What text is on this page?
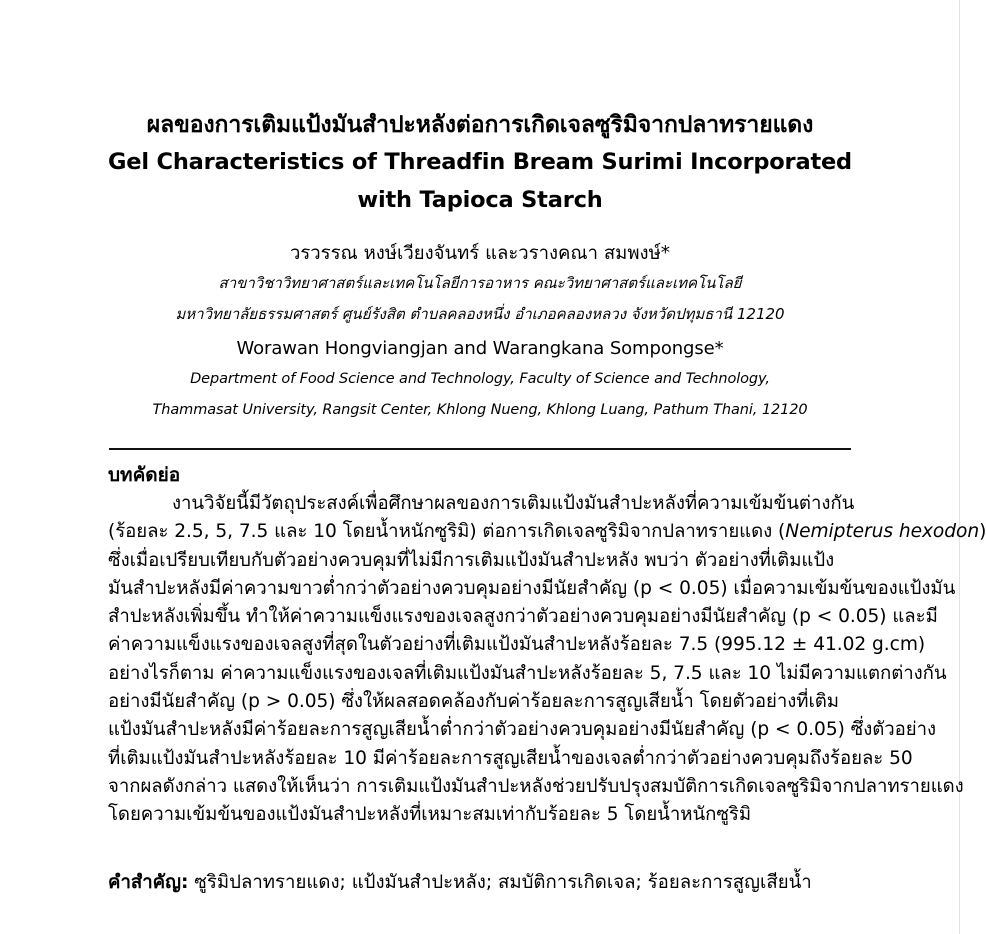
ผลของการเติมแป้งมันสำปะหลังต่อการเกิดเจลซูริมิจากปลาทรายแดง
Gel Characteristics of Threadfin Bream Surimi Incorporated
with Tapioca Starch
วรวรรณ หงษ์เวียงจันทร์ และวรางคณา สมพงษ์*
สาขาวิชาวิทยาศาสตร์และเทคโนโลยีการอาหาร คณะวิทยาศาสตร์และเทคโนโลยี
มหาวิทยาลัยธรรมศาสตร์ ศูนย์รังสิต ตำบลคลองหนึ่ง อำเภอคลองหลวง จังหวัดปทุมธานี 12120
Worawan Hongviangjan and Warangkana Sompongse*
Department of Food Science and Technology, Faculty of Science and Technology,
Thammasat University, Rangsit Center, Khlong Nueng, Khlong Luang, Pathum Thani, 12120
บทคัดย่อ
งานวิจัยนี้มีวัตถุประสงค์เพื่อศึกษาผลของการเติมแป้งมันสำปะหลังที่ความเข้มข้นต่างกัน
(ร้อยละ 2.5, 5, 7.5 และ 10 โดยน้ำหนักซูริมิ) ต่อการเกิดเจลซูริมิจากปลาทรายแดง (Nemipterus hexodon)
ซึ่งเมื่อเปรียบเทียบกับตัวอย่างควบคุมที่ไม่มีการเติมแป้งมันสำปะหลัง พบว่า ตัวอย่างที่เติมแป้ง
มันสำปะหลังมีค่าความขาวต่ำกว่าตัวอย่างควบคุมอย่างมีนัยสำคัญ (p < 0.05) เมื่อความเข้มข้นของแป้งมัน
สำปะหลังเพิ่มขึ้น ทำให้ค่าความแข็งแรงของเจลสูงกว่าตัวอย่างควบคุมอย่างมีนัยสำคัญ (p < 0.05) และมี
ค่าความแข็งแรงของเจลสูงที่สุดในตัวอย่างที่เติมแป้งมันสำปะหลังร้อยละ 7.5 (995.12 ± 41.02 g.cm)
อย่างไรก็ตาม ค่าความแข็งแรงของเจลที่เติมแป้งมันสำปะหลังร้อยละ 5, 7.5 และ 10 ไม่มีความแตกต่างกัน
อย่างมีนัยสำคัญ (p > 0.05) ซึ่งให้ผลสอดคล้องกับค่าร้อยละการสูญเสียน้ำ โดยตัวอย่างที่เติม
แป้งมันสำปะหลังมีค่าร้อยละการสูญเสียน้ำต่ำกว่าตัวอย่างควบคุมอย่างมีนัยสำคัญ (p < 0.05) ซึ่งตัวอย่าง
ที่เติมแป้งมันสำปะหลังร้อยละ 10 มีค่าร้อยละการสูญเสียน้ำของเจลต่ำกว่าตัวอย่างควบคุมถึงร้อยละ 50
จากผลดังกล่าว แสดงให้เห็นว่า การเติมแป้งมันสำปะหลังช่วยปรับปรุงสมบัติการเกิดเจลซูริมิจากปลาทรายแดง
โดยความเข้มข้นของแป้งมันสำปะหลังที่เหมาะสมเท่ากับร้อยละ 5 โดยน้ำหนักซูริมิ
คำสำคัญ: ซูริมิปลาทรายแดง; แป้งมันสำปะหลัง; สมบัติการเกิดเจล; ร้อยละการสูญเสียน้ำ
